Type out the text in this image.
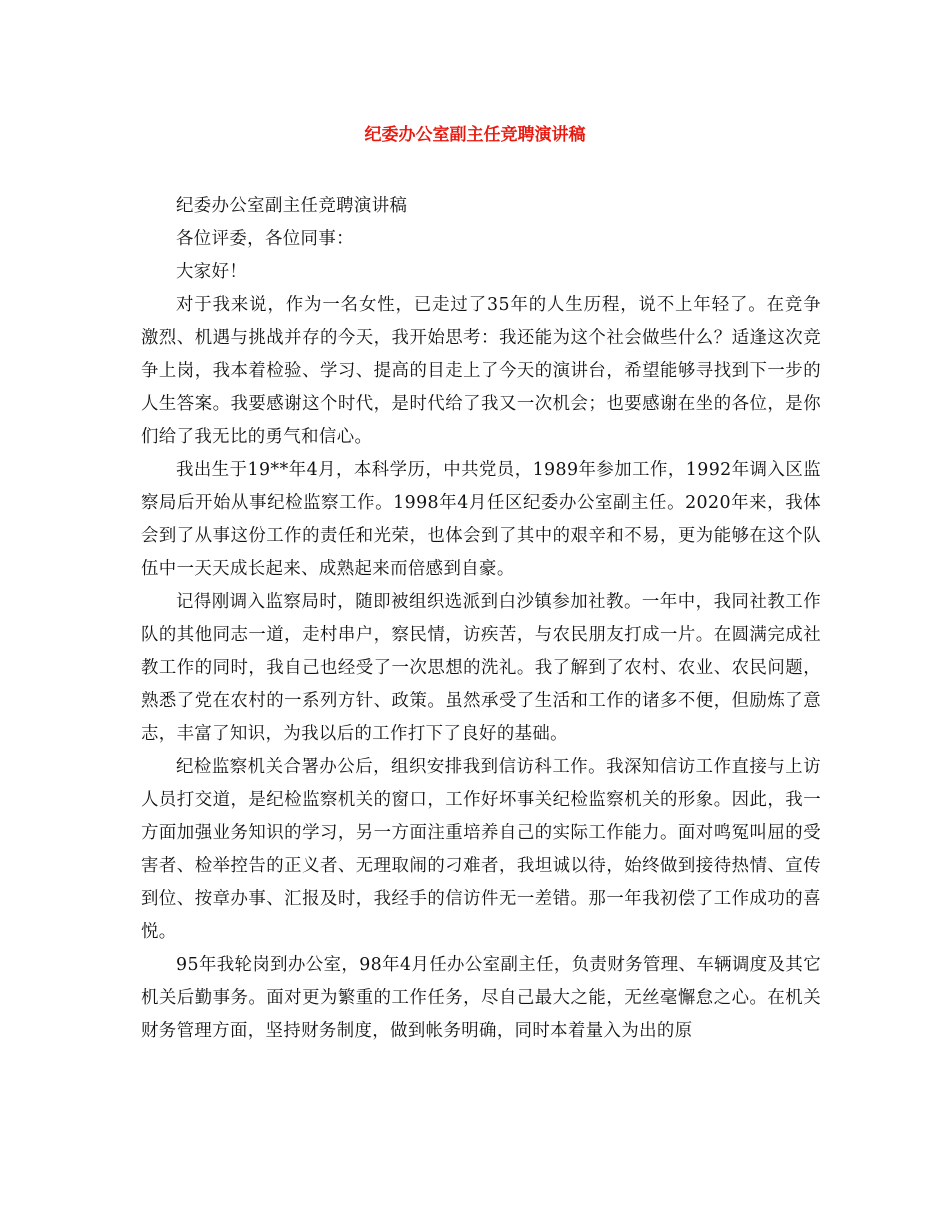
纪委办公室副主任竞聘演讲稿

纪委办公室副主任竞聘演讲稿

各位评委，各位同事：

大家好！

对于我来说，作为一名女性，已走过了35年的人生历程，说不上年轻了。在竞争激烈、机遇与挑战并存的今天，我开始思考：我还能为这个社会做些什么？适逢这次竞争上岗，我本着检验、学习、提高的目走上了今天的演讲台，希望能够寻找到下一步的人生答案。我要感谢这个时代，是时代给了我又一次机会；也要感谢在坐的各位，是你们给了我无比的勇气和信心。

我出生于19**年4月，本科学历，中共党员，1989年参加工作，1992年调入区监察局后开始从事纪检监察工作。1998年4月任区纪委办公室副主任。2020年来，我体会到了从事这份工作的责任和光荣，也体会到了其中的艰辛和不易，更为能够在这个队伍中一天天成长起来、成熟起来而倍感到自豪。

记得刚调入监察局时，随即被组织选派到白沙镇参加社教。一年中，我同社教工作队的其他同志一道，走村串户，察民情，访疾苦，与农民朋友打成一片。在圆满完成社教工作的同时，我自己也经受了一次思想的洗礼。我了解到了农村、农业、农民问题，熟悉了党在农村的一系列方针、政策。虽然承受了生活和工作的诸多不便，但励炼了意志，丰富了知识，为我以后的工作打下了良好的基础。

纪检监察机关合署办公后，组织安排我到信访科工作。我深知信访工作直接与上访人员打交道，是纪检监察机关的窗口，工作好坏事关纪检监察机关的形象。因此，我一方面加强业务知识的学习，另一方面注重培养自己的实际工作能力。面对鸣冤叫屈的受害者、检举控告的正义者、无理取闹的刁难者，我坦诚以待，始终做到接待热情、宣传到位、按章办事、汇报及时，我经手的信访件无一差错。那一年我初偿了工作成功的喜悦。

95年我轮岗到办公室，98年4月任办公室副主任，负责财务管理、车辆调度及其它机关后勤事务。面对更为繁重的工作任务，尽自己最大之能，无丝毫懈怠之心。在机关财务管理方面，坚持财务制度，做到帐务明确，同时本着量入为出的原
